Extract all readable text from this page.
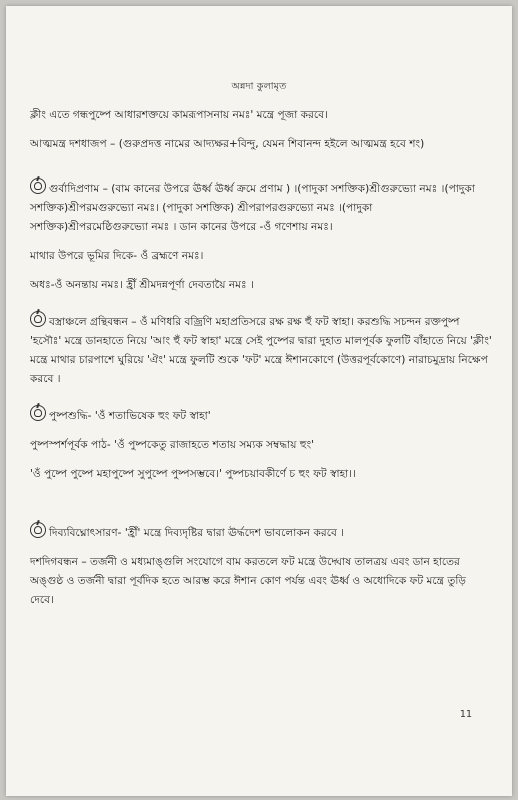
অন্নদা কুলামৃত

ক্লীং এতে গন্ধপুষ্পে আধারশক্তয়ে কামরূপাসনায় নমঃ' মন্ত্রে পূজা করবে।

আত্মমন্ত্র দশধাজপ – (গুরুপ্রদত্ত নামের আদ্যক্ষর+বিন্দু, যেমন শিবানন্দ হইলে আত্মমন্ত্র হবে শং)

গুর্বাদিপ্রণাম – (বাম কানের উপরে ঊর্ধ্ব ঊর্ধ্ব ক্রমে প্রণাম ) ।(পাদুকা সশক্তিক)শ্রীগুরুভ্যো নমঃ ।(পাদুকা সশক্তিক)শ্রীপরমগুরুভ্যো নমঃ। (পাদুকা সশক্তিক) শ্রীপরাপরগুরুভ্যো নমঃ ।(পাদুকা সশক্তিক)শ্রীপরমেষ্ঠিগুরুভ্যো নমঃ । ডান কানের উপরে -ওঁ গণেশায় নমঃ।

মাথার উপরে ভূমির দিকে- ওঁ ব্রহ্মণে নমঃ।

অধঃ-ওঁ অনন্তায় নমঃ। হ্রীঁ শ্রীমদন্নপূর্ণা দেবতায়ৈ নমঃ ।

বস্ত্রাঞ্চলে গ্রন্থিবন্ধন – ওঁ মণিধরি বজ্রিণি মহাপ্রতিসরে রক্ষ রক্ষ হুঁ ফট স্বাহা। করশুদ্ধি সচন্দন রক্তপুষ্প 'হসৌঃ' মন্ত্রে ডানহাতে নিয়ে 'আং হুঁ ফট স্বাহা' মন্ত্রে সেই পুষ্পের দ্বারা দুহাত মালপূর্বক ফুলটি বাঁহাতে নিয়ে 'ক্লীং' মন্ত্রে মাথার চারপাশে ঘুরিয়ে 'ঐং' মন্ত্রে ফুলটি শুকে 'ফট' মন্ত্রে ঈশানকোণে (উত্তরপূর্বকোণে) নারাচমুদ্রায় নিক্ষেপ করবে ।

পুষ্পশুদ্ধি- 'ওঁ শতাভিষেক হুং ফট স্বাহা'

পুষ্পস্পর্শপূর্বক পাঠ- 'ওঁ পুষ্পকেতু রাজাহতে শতায় সম্যক সম্বদ্ধায় হুং'

'ওঁ পুষ্পে পুষ্পে মহাপুষ্পে সুপুষ্পে পুষ্পসম্ভবে।' পুষ্পচয়াবকীর্ণে চ হুং ফট স্বাহা।।

দিব্যবিঘ্নোৎসারণ- 'হ্রীঁ' মন্ত্রে দিব্যদৃষ্টির দ্বারা ঊর্দ্ধদেশ ভাবলোকন করবে ।

দশদিগবন্ধন – তর্জনী ও মধ্যমাঙ্গুলি সংযোগে বাম করতলে ফট মন্ত্রে উদ্ঘোষ তালত্রয় এবং ডান হাতের অঙ্গুষ্ঠ ও তর্জনী দ্বারা পূর্বদিক হতে আরম্ভ করে ঈশান কোণ পর্যন্ত এবং ঊর্ধ্ব ও অধোদিকে ফট মন্ত্রে তুড়ি দেবে।

11
